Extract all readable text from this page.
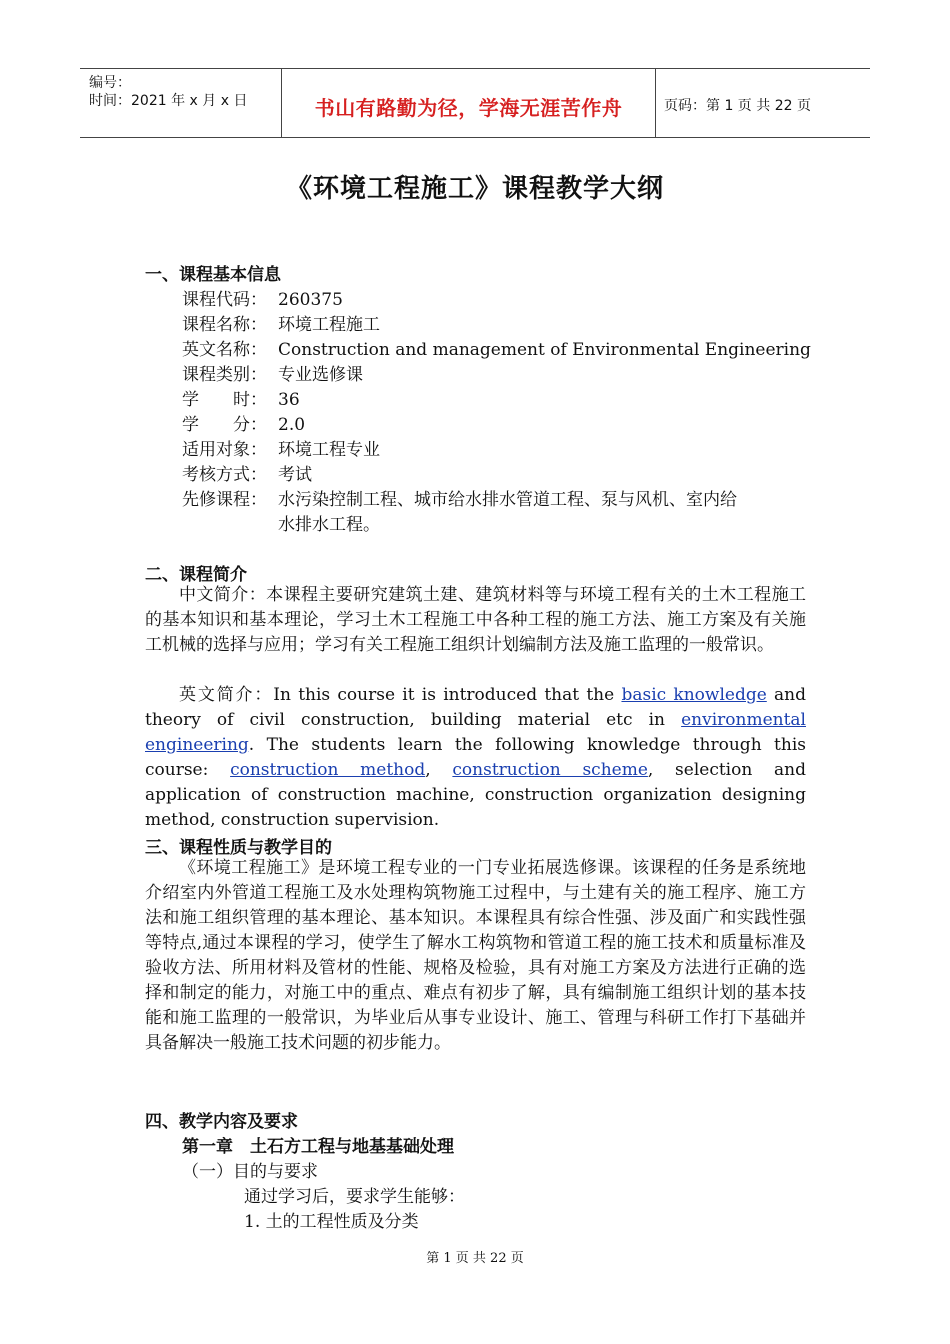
编号：
时间：2021 年 x 月 x 日	书山有路勤为径，学海无涯苦作舟	页码：第 1 页 共 22 页
《环境工程施工》课程教学大纲
一、课程基本信息
课程代码： 260375
课程名称： 环境工程施工
英文名称： Construction and management of Environmental Engineering
课程类别： 专业选修课
学　　时： 36
学　　分： 2.0
适用对象： 环境工程专业
考核方式： 考试
先修课程： 水污染控制工程、城市给水排水管道工程、泵与风机、室内给
水排水工程。
二、课程简介

中文简介：本课程主要研究建筑土建、建筑材料等与环境工程有关的土木工程施工的基本知识和基本理论，学习土木工程施工中各种工程的施工方法、施工方案及有关施工机械的选择与应用；学习有关工程施工组织计划编制方法及施工监理的一般常识。

英文简介：In this course it is introduced that the basic knowledge and theory of civil construction, building material etc in environmental engineering. The students learn the following knowledge through this course: construction method, construction scheme, selection and application of construction machine, construction organization designing method, construction supervision.

三、课程性质与教学目的

《环境工程施工》是环境工程专业的一门专业拓展选修课。该课程的任务是系统地介绍室内外管道工程施工及水处理构筑物施工过程中，与土建有关的施工程序、施工方法和施工组织管理的基本理论、基本知识。本课程具有综合性强、涉及面广和实践性强等特点,通过本课程的学习，使学生了解水工构筑物和管道工程的施工技术和质量标准及验收方法、所用材料及管材的性能、规格及检验，具有对施工方案及方法进行正确的选择和制定的能力，对施工中的重点、难点有初步了解，具有编制施工组织计划的基本技能和施工监理的一般常识，为毕业后从事专业设计、施工、管理与科研工作打下基础并具备解决一般施工技术问题的初步能力。

四、教学内容及要求
第一章　土石方工程与地基基础处理
（一）目的与要求
通过学习后，要求学生能够：
1. 土的工程性质及分类
第 1 页 共 22 页
